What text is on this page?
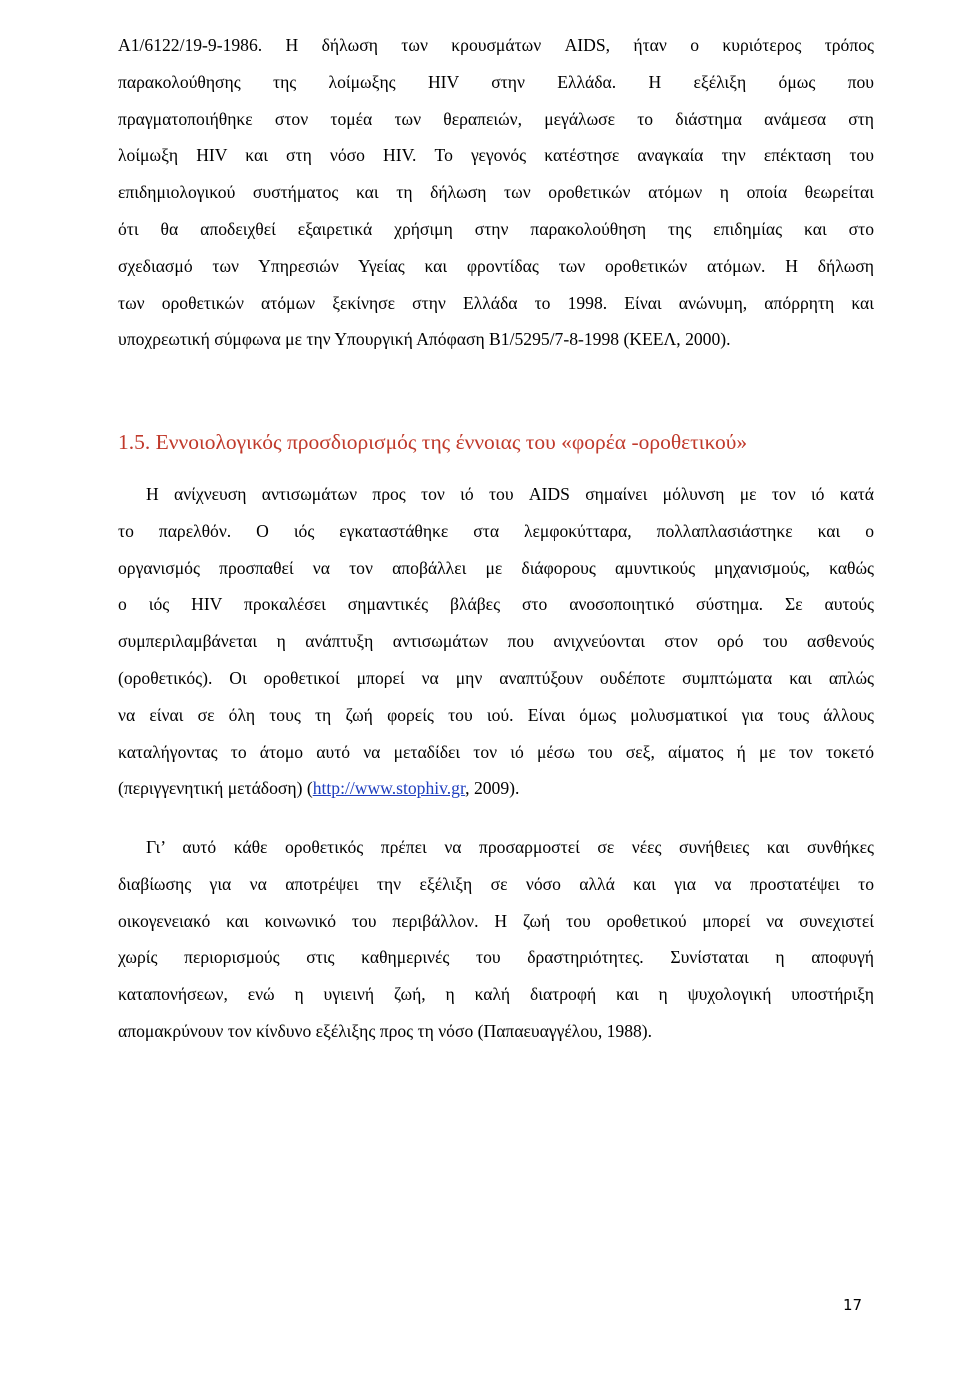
Α1/6122/19-9-1986. Η δήλωση των κρουσμάτων AIDS, ήταν ο κυριότερος τρόπος
παρακολούθησης της λοίμωξης HIV στην Ελλάδα. Η εξέλιξη όμως που
πραγματοποιήθηκε στον τομέα των θεραπειών, μεγάλωσε το διάστημα ανάμεσα στη
λοίμωξη HIV και στη νόσο HIV. Το γεγονός κατέστησε αναγκαία την επέκταση του
επιδημιολογικού συστήματος και τη δήλωση των οροθετικών ατόμων η οποία θεωρείται
ότι θα αποδειχθεί εξαιρετικά χρήσιμη στην παρακολούθηση της επιδημίας και στο
σχεδιασμό των Υπηρεσιών Υγείας και φροντίδας των οροθετικών ατόμων. Η δήλωση
των οροθετικών ατόμων ξεκίνησε στην Ελλάδα το 1998. Είναι ανώνυμη, απόρρητη και
υποχρεωτική σύμφωνα με την Υπουργική Απόφαση Β1/5295/7-8-1998 (ΚΕΕΛ, 2000).
1.5. Εννοιολογικός προσδιορισμός της έννοιας του «φορέα -οροθετικού»
Η ανίχνευση αντισωμάτων προς τον ιό του AIDS σημαίνει μόλυνση με τον ιό κατά
το παρελθόν. Ο ιός εγκαταστάθηκε στα λεμφοκύτταρα, πολλαπλασιάστηκε και ο
οργανισμός προσπαθεί να τον αποβάλλει με διάφορους αμυντικούς μηχανισμούς, καθώς
ο ιός HIV προκαλέσει σημαντικές βλάβες στο ανοσοποιητικό σύστημα. Σε αυτούς
συμπεριλαμβάνεται η ανάπτυξη αντισωμάτων που ανιχνεύονται στον ορό του ασθενούς
(οροθετικός). Οι οροθετικοί μπορεί να μην αναπτύξουν ουδέποτε συμπτώματα και απλώς
να είναι σε όλη τους τη ζωή φορείς του ιού. Είναι όμως μολυσματικοί για τους άλλους
καταλήγοντας το άτομο αυτό να μεταδίδει τον ιό μέσω του σεξ, αίματος ή με τον τοκετό
(περιγγενητική μετάδοση) (http://www.stophiv.gr, 2009).
Γι’ αυτό κάθε οροθετικός πρέπει να προσαρμοστεί σε νέες συνήθειες και συνθήκες
διαβίωσης για να αποτρέψει την εξέλιξη σε νόσο αλλά και για να προστατέψει το
οικογενειακό και κοινωνικό του περιβάλλον. Η ζωή του οροθετικού μπορεί να συνεχιστεί
χωρίς περιορισμούς στις καθημερινές του δραστηριότητες. Συνίσταται η αποφυγή
καταπονήσεων, ενώ η υγιεινή ζωή, η καλή διατροφή και η ψυχολογική υποστήριξη
απομακρύνουν τον κίνδυνο εξέλιξης προς τη νόσο (Παπαευαγγέλου, 1988).
17
